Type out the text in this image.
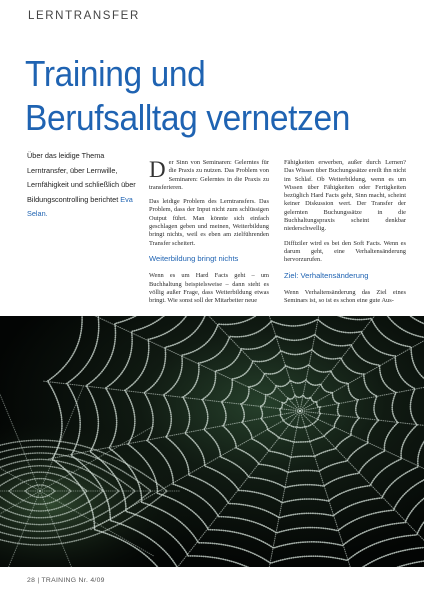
LERNTRANSFER
Training und
Berufsalltag vernetzen
Über das leidige Thema Lerntransfer, über Lernwille, Lernfähigkeit und schließlich über Bildungscontrolling berichtet Eva Selan.

Der Sinn von Seminaren: Gelerntes für die Praxis zu nutzen. Das Problem von Seminaren: Gelerntes in die Praxis zu transferieren.

Das leidige Problem des Lerntransfers. Das Problem, dass der Input nicht zum schlüssigen Output führt. Man könnte sich einfach geschlagen geben und meinen, Weiterbildung bringt nichts, weil es eben am zielführenden Transfer scheitert.

Weiterbildung bringt nichts

Wenn es um Hard Facts geht – um Buchhaltung beispielsweise – dann steht es völlig außer Frage, dass Weiterbildung etwas bringt. Wie sonst soll der Mitarbeiter neue

Fähigkeiten erwerben, außer durch Lernen? Das Wissen über Buchungssätze ereilt ihn nicht im Schlaf. Ob Weiterbildung, wenn es um Wissen über Fähigkeiten oder Fertigkeiten bezüglich Hard Facts geht, Sinn macht, scheint keiner Diskussion wert. Der Transfer der gelernten Buchungssätze in die Buchhaltungspraxis scheint denkbar niederschwellig.

Diffiziler wird es bei den Soft Facts. Wenn es darum geht, eine Verhaltensänderung hervorzurufen.

Ziel: Verhaltensänderung

Wenn Verhaltensänderung das Ziel eines Seminars ist, so ist es schon eine gute Aus-

28 | TRAINING Nr. 4/09
